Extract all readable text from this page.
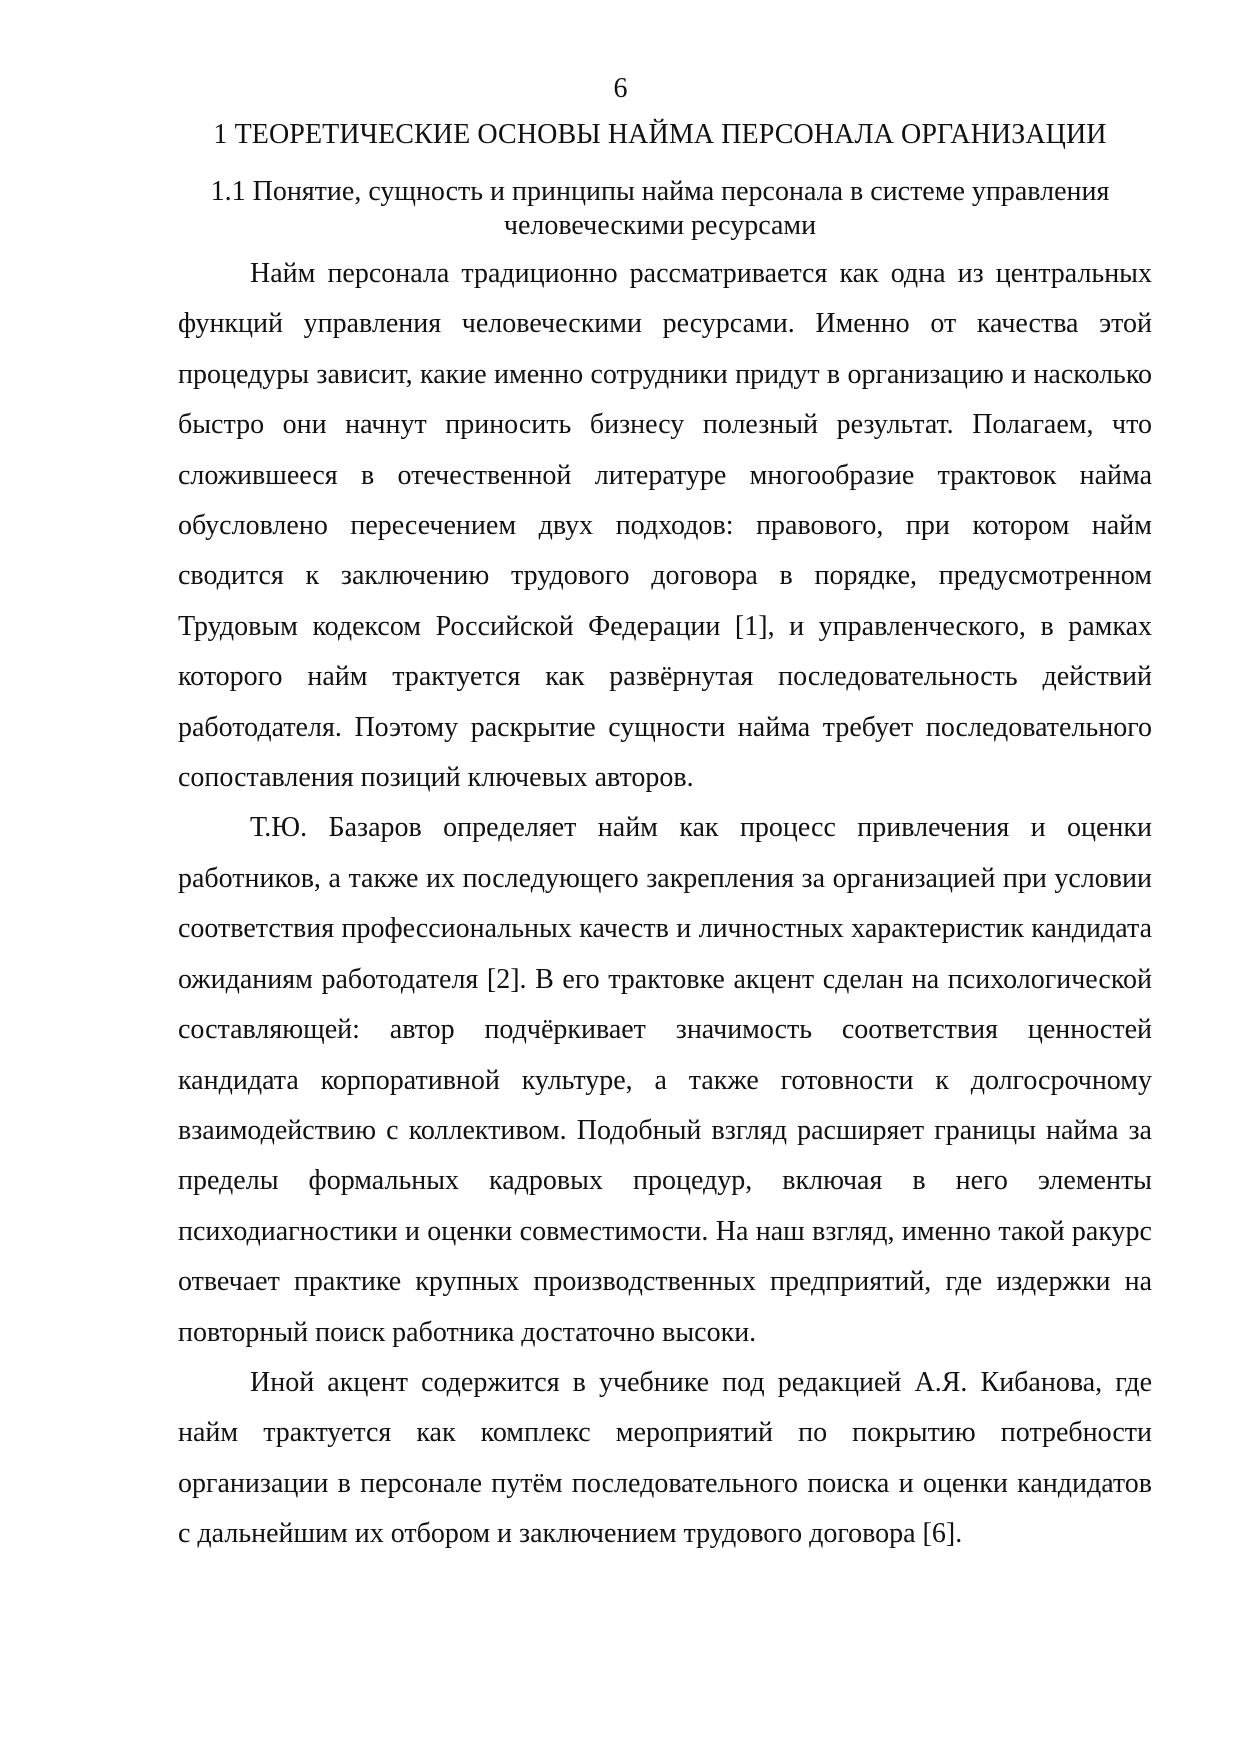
6
1 ТЕОРЕТИЧЕСКИЕ ОСНОВЫ НАЙМА ПЕРСОНАЛА ОРГАНИЗАЦИИ
1.1 Понятие, сущность и принципы найма персонала в системе управления человеческими ресурсами

Найм персонала традиционно рассматривается как одна из центральных функций управления человеческими ресурсами. Именно от качества этой процедуры зависит, какие именно сотрудники придут в организацию и насколько быстро они начнут приносить бизнесу полезный результат. Полагаем, что сложившееся в отечественной литературе многообразие трактовок найма обусловлено пересечением двух подходов: правового, при котором найм сводится к заключению трудового договора в порядке, предусмотренном Трудовым кодексом Российской Федерации [1], и управленческого, в рамках которого найм трактуется как развёрнутая последовательность действий работодателя. Поэтому раскрытие сущности найма требует последовательного сопоставления позиций ключевых авторов.

Т.Ю. Базаров определяет найм как процесс привлечения и оценки работников, а также их последующего закрепления за организацией при условии соответствия профессиональных качеств и личностных характеристик кандидата ожиданиям работодателя [2]. В его трактовке акцент сделан на психологической составляющей: автор подчёркивает значимость соответствия ценностей кандидата корпоративной культуре, а также готовности к долгосрочному взаимодействию с коллективом. Подобный взгляд расширяет границы найма за пределы формальных кадровых процедур, включая в него элементы психодиагностики и оценки совместимости. На наш взгляд, именно такой ракурс отвечает практике крупных производственных предприятий, где издержки на повторный поиск работника достаточно высоки.

Иной акцент содержится в учебнике под редакцией А.Я. Кибанова, где найм трактуется как комплекс мероприятий по покрытию потребности организации в персонале путём последовательного поиска и оценки кандидатов с дальнейшим их отбором и заключением трудового договора [6].
